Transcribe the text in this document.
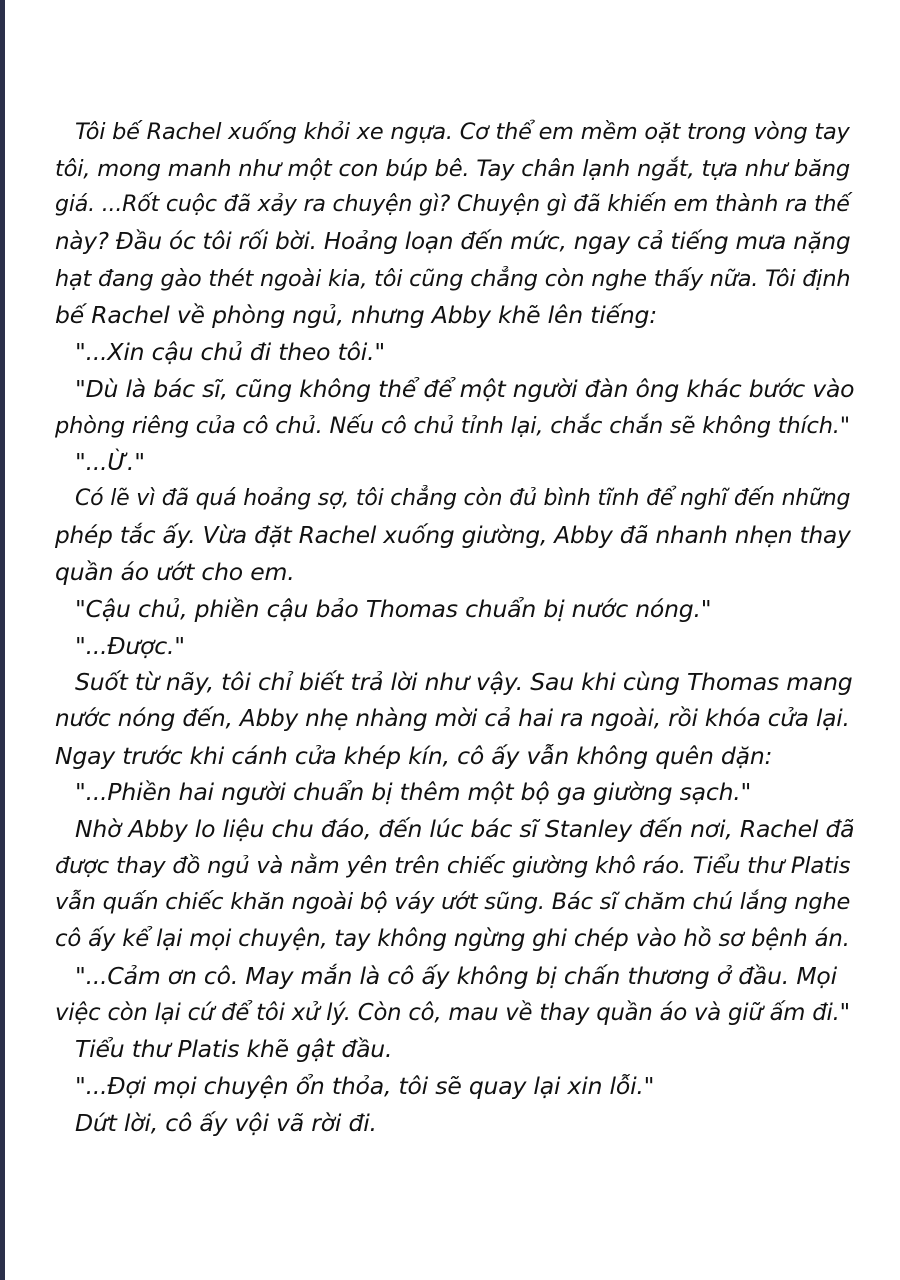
Tôi bế Rachel xuống khỏi xe ngựa. Cơ thể em mềm oặt trong vòng tay
tôi, mong manh như một con búp bê. Tay chân lạnh ngắt, tựa như băng
giá. ...Rốt cuộc đã xảy ra chuyện gì? Chuyện gì đã khiến em thành ra thế
này? Đầu óc tôi rối bời. Hoảng loạn đến mức, ngay cả tiếng mưa nặng
hạt đang gào thét ngoài kia, tôi cũng chẳng còn nghe thấy nữa. Tôi định
bế Rachel về phòng ngủ, nhưng Abby khẽ lên tiếng:
"...Xin cậu chủ đi theo tôi."
"Dù là bác sĩ, cũng không thể để một người đàn ông khác bước vào
phòng riêng của cô chủ. Nếu cô chủ tỉnh lại, chắc chắn sẽ không thích."
"...Ừ."
Có lẽ vì đã quá hoảng sợ, tôi chẳng còn đủ bình tĩnh để nghĩ đến những
phép tắc ấy. Vừa đặt Rachel xuống giường, Abby đã nhanh nhẹn thay
quần áo ướt cho em.
"Cậu chủ, phiền cậu bảo Thomas chuẩn bị nước nóng."
"...Được."
Suốt từ nãy, tôi chỉ biết trả lời như vậy. Sau khi cùng Thomas mang
nước nóng đến, Abby nhẹ nhàng mời cả hai ra ngoài, rồi khóa cửa lại.
Ngay trước khi cánh cửa khép kín, cô ấy vẫn không quên dặn:
"...Phiền hai người chuẩn bị thêm một bộ ga giường sạch."
Nhờ Abby lo liệu chu đáo, đến lúc bác sĩ Stanley đến nơi, Rachel đã
được thay đồ ngủ và nằm yên trên chiếc giường khô ráo. Tiểu thư Platis
vẫn quấn chiếc khăn ngoài bộ váy ướt sũng. Bác sĩ chăm chú lắng nghe
cô ấy kể lại mọi chuyện, tay không ngừng ghi chép vào hồ sơ bệnh án.
"...Cảm ơn cô. May mắn là cô ấy không bị chấn thương ở đầu. Mọi
việc còn lại cứ để tôi xử lý. Còn cô, mau về thay quần áo và giữ ấm đi."
Tiểu thư Platis khẽ gật đầu.
"...Đợi mọi chuyện ổn thỏa, tôi sẽ quay lại xin lỗi."
Dứt lời, cô ấy vội vã rời đi.
